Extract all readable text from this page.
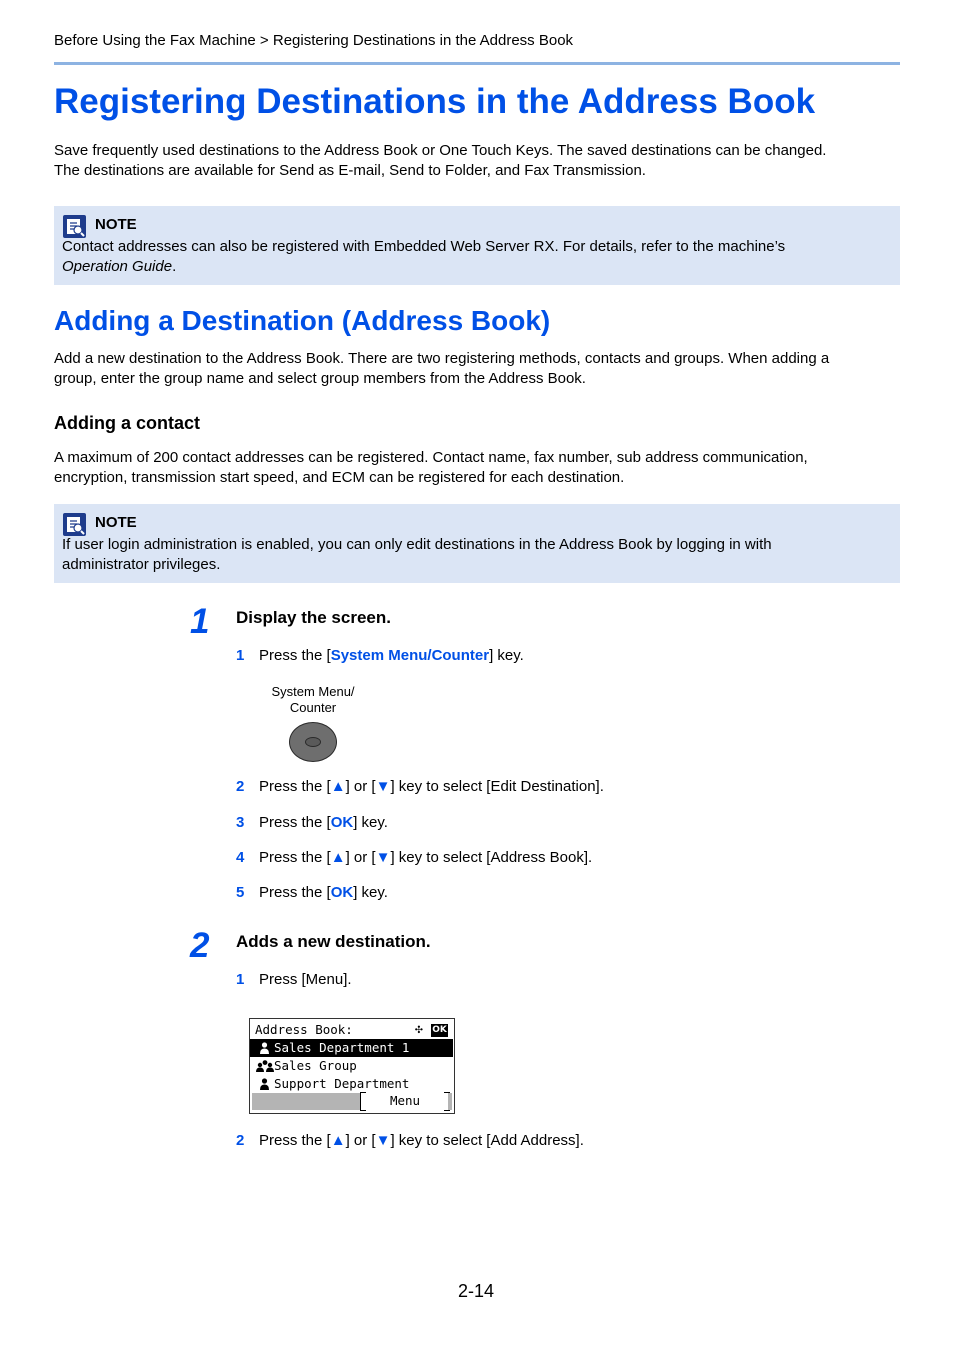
Before Using the Fax Machine > Registering Destinations in the Address Book
Registering Destinations in the Address Book
Save frequently used destinations to the Address Book or One Touch Keys. The saved destinations can be changed.
The destinations are available for Send as E-mail, Send to Folder, and Fax Transmission.
NOTE
Contact addresses can also be registered with Embedded Web Server RX. For details, refer to the machine’s
Operation Guide.
Adding a Destination (Address Book)
Add a new destination to the Address Book. There are two registering methods, contacts and groups. When adding a
group, enter the group name and select group members from the Address Book.
Adding a contact
A maximum of 200 contact addresses can be registered. Contact name, fax number, sub address communication,
encryption, transmission start speed, and ECM can be registered for each destination.
NOTE
If user login administration is enabled, you can only edit destinations in the Address Book by logging in with
administrator privileges.
1 Display the screen.
1 Press the [System Menu/Counter] key.
System Menu/
Counter
2 Press the [▲] or [▼] key to select [Edit Destination].
3 Press the [OK] key.
4 Press the [▲] or [▼] key to select [Address Book].
5 Press the [OK] key.
2 Adds a new destination.
1 Press [Menu].
Address Book:	✣ OK
Sales Department 1
Sales Group
Support Department
Menu
2 Press the [▲] or [▼] key to select [Add Address].
2-14
